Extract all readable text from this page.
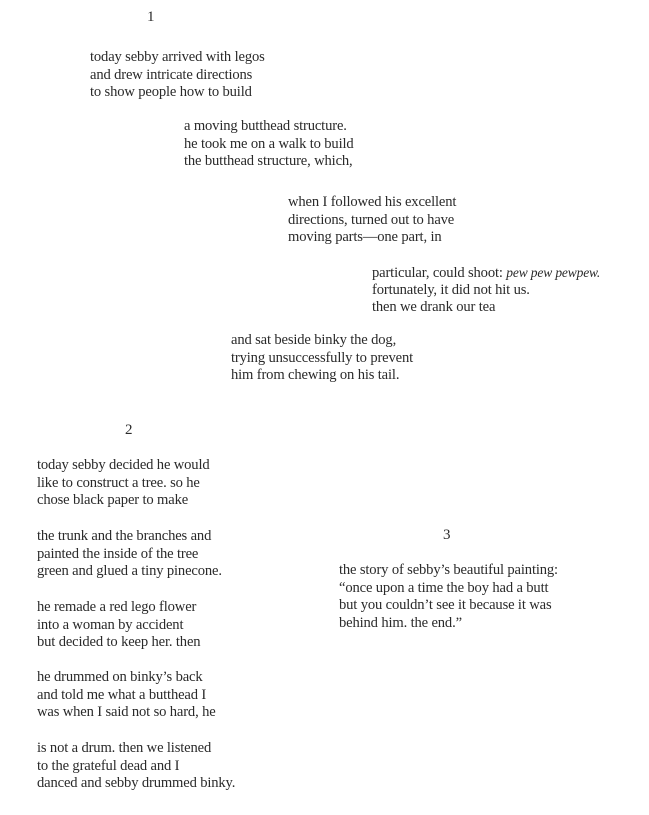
1
today sebby arrived with legos
and drew intricate directions
to show people how to build
a moving butthead structure.
he took me on a walk to build
the butthead structure, which,
when I followed his excellent
directions, turned out to have
moving parts—one part, in
particular, could shoot: pew pew pewpew.
fortunately, it did not hit us.
then we drank our tea
and sat beside binky the dog,
trying unsuccessfully to prevent
him from chewing on his tail.
2
today sebby decided he would
like to construct a tree. so he
chose black paper to make
the trunk and the branches and
painted the inside of the tree
green and glued a tiny pinecone.
he remade a red lego flower
into a woman by accident
but decided to keep her. then
he drummed on binky’s back
and told me what a butthead I
was when I said not so hard, he
is not a drum. then we listened
to the grateful dead and I
danced and sebby drummed binky.
3
the story of sebby’s beautiful painting:
“once upon a time the boy had a butt
but you couldn’t see it because it was
behind him. the end.”
